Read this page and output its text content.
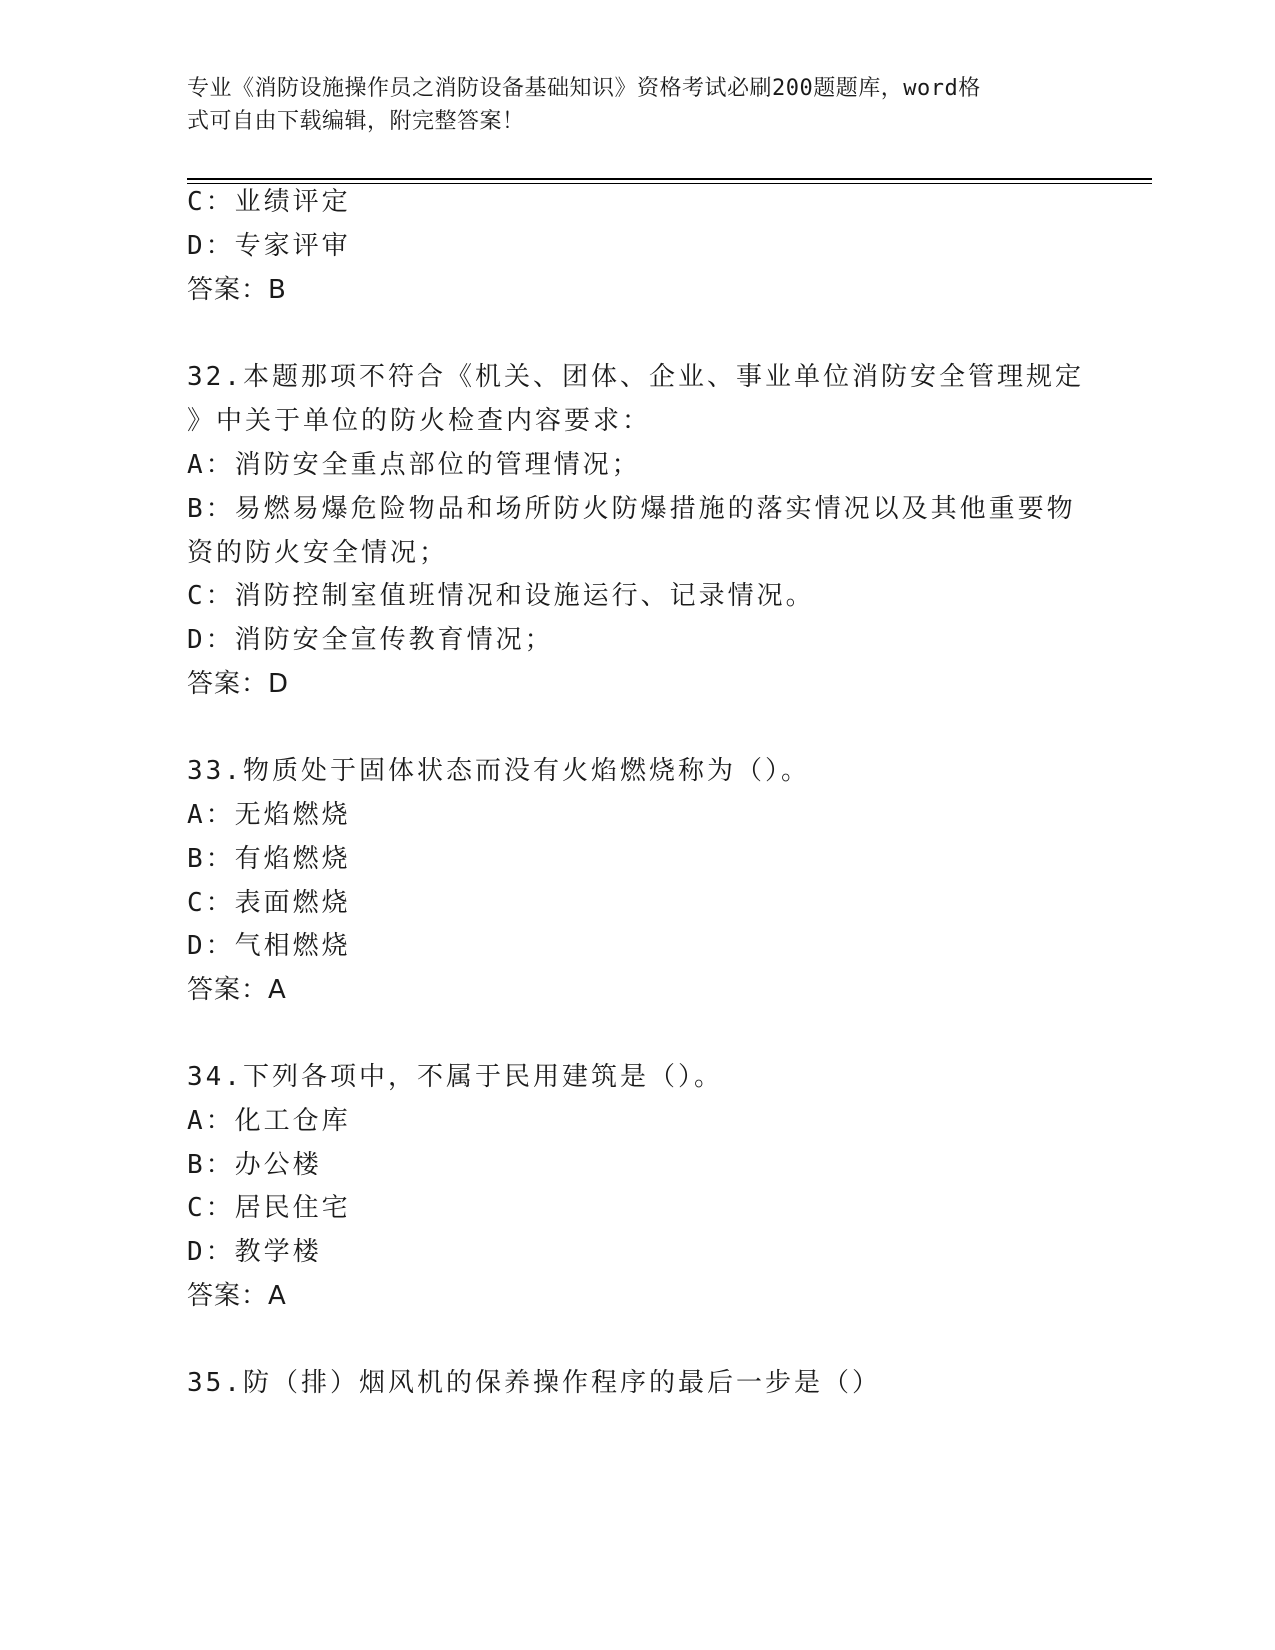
专业《消防设施操作员之消防设备基础知识》资格考试必刷200题题库，word格
式可自由下载编辑，附完整答案！
C：业绩评定
D：专家评审
答案：B
32.本题那项不符合《机关、团体、企业、事业单位消防安全管理规定
》中关于单位的防火检查内容要求：
A：消防安全重点部位的管理情况；
B：易燃易爆危险物品和场所防火防爆措施的落实情况以及其他重要物
资的防火安全情况；
C：消防控制室值班情况和设施运行、记录情况。
D：消防安全宣传教育情况；
答案：D
33.物质处于固体状态而没有火焰燃烧称为（）。
A：无焰燃烧
B：有焰燃烧
C：表面燃烧
D：气相燃烧
答案：A
34.下列各项中，不属于民用建筑是（）。
A：化工仓库
B：办公楼
C：居民住宅
D：教学楼
答案：A
35.防（排）烟风机的保养操作程序的最后一步是（）
